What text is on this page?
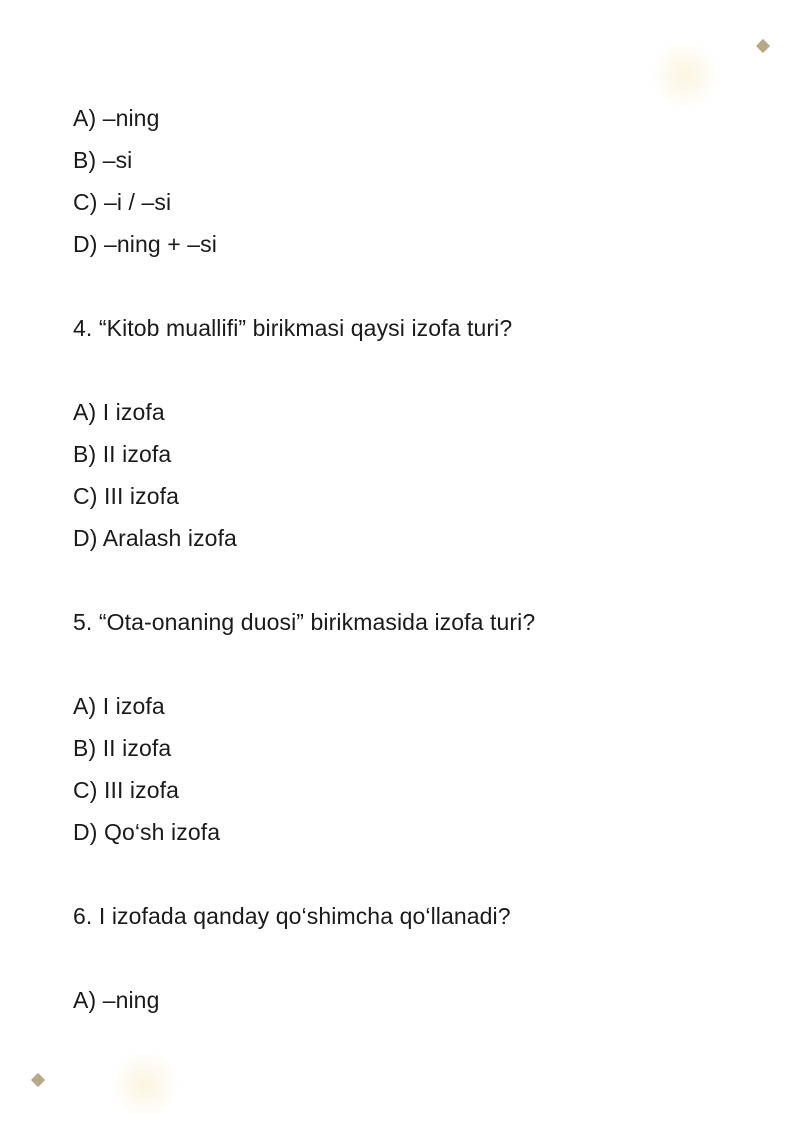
A) –ning
B) –si
C) –i / –si
D) –ning + –si
4. “Kitob muallifi” birikmasi qaysi izofa turi?
A) I izofa
B) II izofa
C) III izofa
D) Aralash izofa
5. “Ota-onaning duosi” birikmasida izofa turi?
A) I izofa
B) II izofa
C) III izofa
D) Qo‘sh izofa
6. I izofada qanday qo‘shimcha qo‘llanadi?
A) –ning
